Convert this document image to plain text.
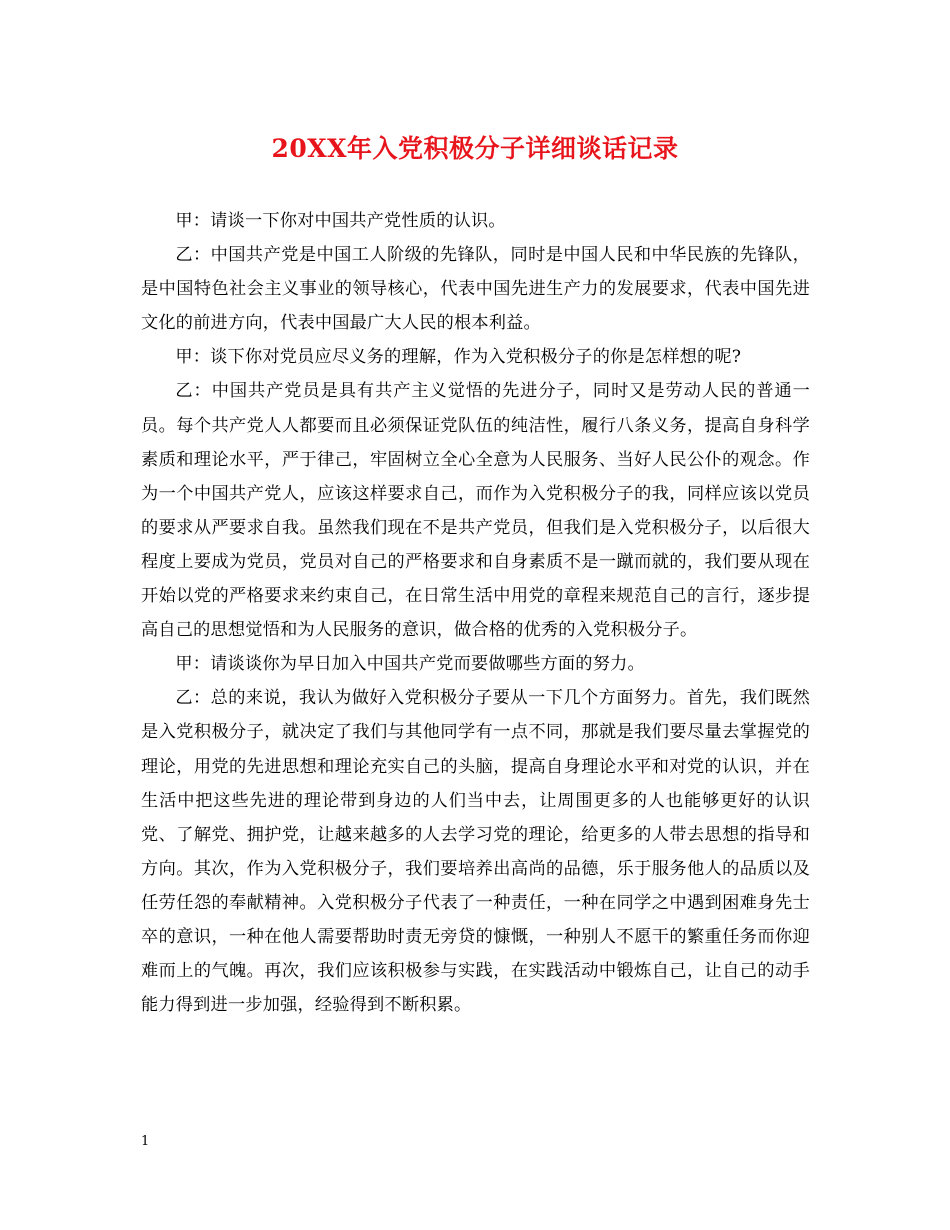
20XX年入党积极分子详细谈话记录

甲：请谈一下你对中国共产党性质的认识。

乙：中国共产党是中国工人阶级的先锋队，同时是中国人民和中华民族的先锋队，是中国特色社会主义事业的领导核心，代表中国先进生产力的发展要求，代表中国先进文化的前进方向，代表中国最广大人民的根本利益。

甲：谈下你对党员应尽义务的理解，作为入党积极分子的你是怎样想的呢?

乙：中国共产党员是具有共产主义觉悟的先进分子，同时又是劳动人民的普通一员。每个共产党人人都要而且必须保证党队伍的纯洁性，履行八条义务，提高自身科学素质和理论水平，严于律己，牢固树立全心全意为人民服务、当好人民公仆的观念。作为一个中国共产党人，应该这样要求自己，而作为入党积极分子的我，同样应该以党员的要求从严要求自我。虽然我们现在不是共产党员，但我们是入党积极分子，以后很大程度上要成为党员，党员对自己的严格要求和自身素质不是一蹴而就的，我们要从现在开始以党的严格要求来约束自己，在日常生活中用党的章程来规范自己的言行，逐步提高自己的思想觉悟和为人民服务的意识，做合格的优秀的入党积极分子。

甲：请谈谈你为早日加入中国共产党而要做哪些方面的努力。

乙：总的来说，我认为做好入党积极分子要从一下几个方面努力。首先，我们既然是入党积极分子，就决定了我们与其他同学有一点不同，那就是我们要尽量去掌握党的理论，用党的先进思想和理论充实自己的头脑，提高自身理论水平和对党的认识，并在生活中把这些先进的理论带到身边的人们当中去，让周围更多的人也能够更好的认识党、了解党、拥护党，让越来越多的人去学习党的理论，给更多的人带去思想的指导和方向。其次，作为入党积极分子，我们要培养出高尚的品德，乐于服务他人的品质以及任劳任怨的奉献精神。入党积极分子代表了一种责任，一种在同学之中遇到困难身先士卒的意识，一种在他人需要帮助时责无旁贷的慷慨，一种别人不愿干的繁重任务而你迎难而上的气魄。再次，我们应该积极参与实践，在实践活动中锻炼自己，让自己的动手能力得到进一步加强，经验得到不断积累。

1
